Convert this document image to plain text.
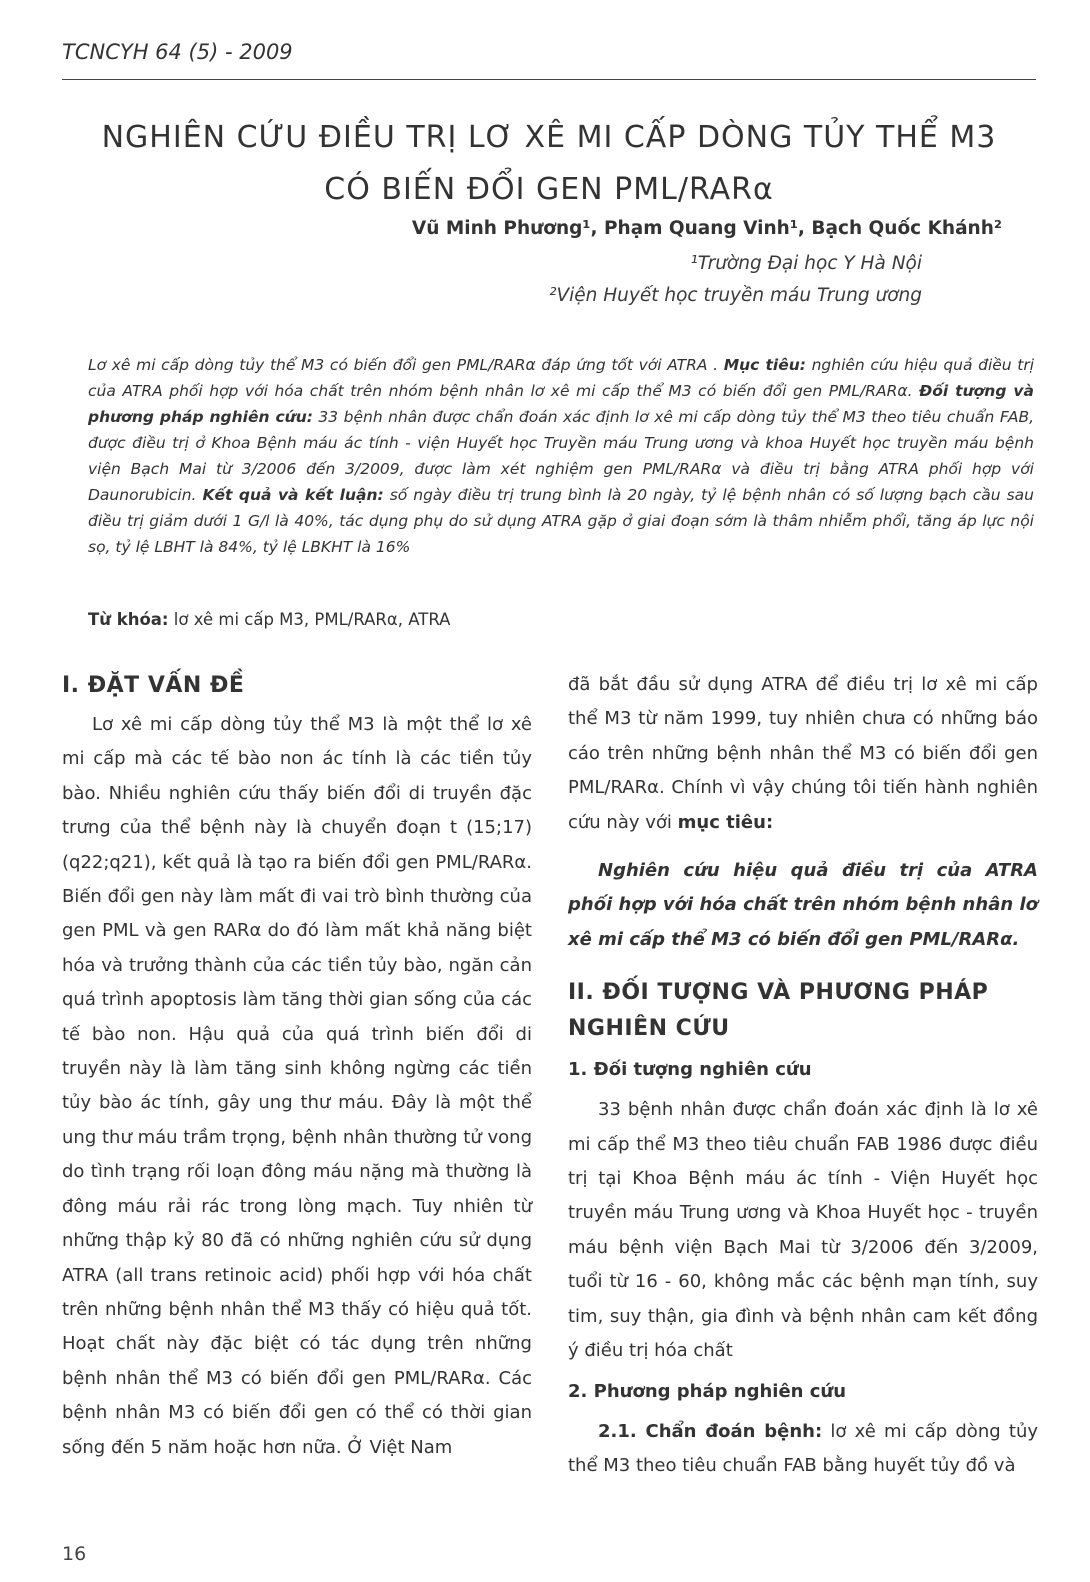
TCNCYH 64 (5) - 2009
NGHIÊN CỨU ĐIỀU TRỊ LƠ XÊ MI CẤP DÒNG TỦY THỂ M3
CÓ BIẾN ĐỔI GEN PML/RARα
Vũ Minh Phương¹, Phạm Quang Vinh¹, Bạch Quốc Khánh²
¹Trường Đại học Y Hà Nội
²Viện Huyết học truyền máu Trung ương

Lơ xê mi cấp dòng tủy thể M3 có biến đổi gen PML/RARα đáp ứng tốt với ATRA . Mục tiêu: nghiên cứu hiệu quả điều trị của ATRA phối hợp với hóa chất trên nhóm bệnh nhân lơ xê mi cấp thể M3 có biến đổi gen PML/RARα. Đối tượng và phương pháp nghiên cứu: 33 bệnh nhân được chẩn đoán xác định lơ xê mi cấp dòng tủy thể M3 theo tiêu chuẩn FAB, được điều trị ở Khoa Bệnh máu ác tính - viện Huyết học Truyền máu Trung ương và khoa Huyết học truyền máu bệnh viện Bạch Mai từ 3/2006 đến 3/2009, được làm xét nghiệm gen PML/RARα và điều trị bằng ATRA phối hợp với Daunorubicin. Kết quả và kết luận: số ngày điều trị trung bình là 20 ngày, tỷ lệ bệnh nhân có số lượng bạch cầu sau điều trị giảm dưới 1 G/l là 40%, tác dụng phụ do sử dụng ATRA gặp ở giai đoạn sớm là thâm nhiễm phổi, tăng áp lực nội sọ, tỷ lệ LBHT là 84%, tỷ lệ LBKHT là 16%

Từ khóa: lơ xê mi cấp M3, PML/RARα, ATRA
I. ĐẶT VẤN ĐỀ

Lơ xê mi cấp dòng tủy thể M3 là một thể lơ xê mi cấp mà các tế bào non ác tính là các tiền tủy bào. Nhiều nghiên cứu thấy biến đổi di truyền đặc trưng của thể bệnh này là chuyển đoạn t (15;17)(q22;q21), kết quả là tạo ra biến đổi gen PML/RARα. Biến đổi gen này làm mất đi vai trò bình thường của gen PML và gen RARα do đó làm mất khả năng biệt hóa và trưởng thành của các tiền tủy bào, ngăn cản quá trình apoptosis làm tăng thời gian sống của các tế bào non. Hậu quả của quá trình biến đổi di truyền này là làm tăng sinh không ngừng các tiền tủy bào ác tính, gây ung thư máu. Đây là một thể ung thư máu trầm trọng, bệnh nhân thường tử vong do tình trạng rối loạn đông máu nặng mà thường là đông máu rải rác trong lòng mạch. Tuy nhiên từ những thập kỷ 80 đã có những nghiên cứu sử dụng ATRA (all trans retinoic acid) phối hợp với hóa chất trên những bệnh nhân thể M3 thấy có hiệu quả tốt. Hoạt chất này đặc biệt có tác dụng trên những bệnh nhân thể M3 có biến đổi gen PML/RARα. Các bệnh nhân M3 có biến đổi gen có thể có thời gian sống đến 5 năm hoặc hơn nữa. Ở Việt Nam

đã bắt đầu sử dụng ATRA để điều trị lơ xê mi cấp thể M3 từ năm 1999, tuy nhiên chưa có những báo cáo trên những bệnh nhân thể M3 có biến đổi gen PML/RARα. Chính vì vậy chúng tôi tiến hành nghiên cứu này với mục tiêu:

Nghiên cứu hiệu quả điều trị của ATRA phối hợp với hóa chất trên nhóm bệnh nhân lơ xê mi cấp thể M3 có biến đổi gen PML/RARα.

II. ĐỐI TƯỢNG VÀ PHƯƠNG PHÁP NGHIÊN CỨU
1. Đối tượng nghiên cứu

33 bệnh nhân được chẩn đoán xác định là lơ xê mi cấp thể M3 theo tiêu chuẩn FAB 1986 được điều trị tại Khoa Bệnh máu ác tính - Viện Huyết học truyền máu Trung ương và Khoa Huyết học - truyền máu bệnh viện Bạch Mai từ 3/2006 đến 3/2009, tuổi từ 16 - 60, không mắc các bệnh mạn tính, suy tim, suy thận, gia đình và bệnh nhân cam kết đồng ý điều trị hóa chất

2. Phương pháp nghiên cứu

2.1. Chẩn đoán bệnh: lơ xê mi cấp dòng tủy thể M3 theo tiêu chuẩn FAB bằng huyết tủy đồ và

16
